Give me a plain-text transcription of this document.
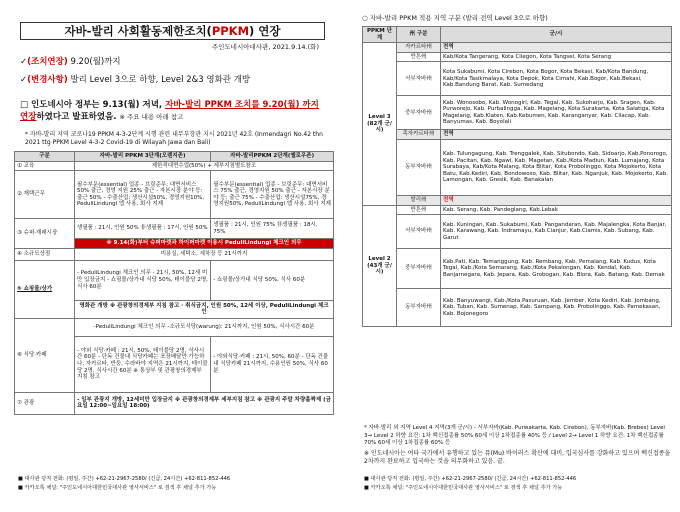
자바-발리 사회활동제한조치(PPKM) 연장
주인도네시아대사관, 2021.9.14.(화)
✓(조치연장) 9.20(월)까지
✓(변경사항) 발리 Level 3으로 하향, Level 2&3 영화관 개방
□ 인도네시아 정부는 9.13(월) 저녁, 자바-발리 PPKM 조치를 9.20(월) 까지 연장하였다고 발표하였음. ※ 주요 내용 아래 참고
* 자바-발리 지역 코로나19 PPKM 4-3-2단계 시행 관련 내무부장관 지시 2021년 42호 (Inmendagri No.42 thn 2021 ttg PPKM Level 4-3-2 Covid-19 di Wilayah Jawa dan Bali)
구분	자바-발리 PPKM 3단계(오렌지존)	자바-발리PPKM 2단계(옐로우존)
① 교육	제한적대면수업(50%) + 세부지침별도참조	
② 재택근무	필수부문(essential) 업종 - 브릿준무: 대면서비스 50% 출근, 경영 지원 25% 출근 - 자본시장 분야 등: 출근 50% - 수출산업: 생산시설50%, 경영지원10%, PeduliLindungi 앱 사용, 회사 지제	필수부문(essential) 업종 - 브릿준무: 대면서비스 75% 출근, 경영지원 50% 출근 - 자본시장 분야 등: 출근 75% - 수출산업: 생산시설75%, 경영지원50%, PeduliLindungi 앱 사용, 회사 지제
③ 슈퍼·재래시장	생필품 : 21시, 인원 50% 非생필품 : 17시, 인원 50%	생필품 : 21시, 인원 75% 非생필품 : 18시, 75%
	※ 9.14(화)부터 슈퍼마켓과 하이퍼마켓 이용시 PeduliLindungi 체크인 의무	
④ 소규모상점	미용실, 세탁소, 세차장 등 21시까지	
⑤ 쇼핑몰/상가	- PeduliLindungi 체크인 의무 - 21시, 50%, 12세 미만 입장금지 - 쇼핑몰/상가내 식당 50%, 테이블당 2명, 식사 60분	- 쇼핑몰/상가내 식당 50%, 식사 60분
	영화관 개방 ※ 관광창의경제부 지침 참고 · 취식금지, 인원 50%, 12세 이상, PeduliLindungi 체크인	
⑥ 식당·카페	-PeduliLindungi 체크인 의무 -소규모식당(warung): 21시까지, 인원 50%, 식사시간 60분	
	- 야외 식당·카페 : 21시, 50%, 테이블당 2명, 식사시간 60분 - 단독 건물내 식당카페는 포장배달만 가능하나, 자카르타, 반둥, 수라바야 지역은 21시까지, 테이블당 2명, 식사시간 60분 ※ 통상부 및 관광창의경제부 지침 참고	- 야외식당·카페 : 21시, 50%, 60분 - 단독 건물내 식당카페 21시까지, 수용인원 50%, 식사 60분
⑦ 관광	- 일부 관광지 개방, 12세미만 입장금지 ※ 관광창의경제부 세부지침 참고 ※ 관광지 주말 차량홀짝제 (금요일 12:00~일요일 18:00)	
■ 대사관 당직 전화: (평일, 주간) +62-21-2967-2580/ (긴급, 24시간) +62-811-852-446
■ 카카오톡 채널: "주인도네시아대한민국대사관 영사서비스" 로 검색 후 채널 추가 가능
○ 자바-발리 PPKM 적용 지역 구분 (발리 전역 Level 3으로 하향)
PPKM 단계	州 구분	군/시
Level 3 (82개 군/시)	자카르타州	전역
	반튼州	Kab/Kota Tangerang, Kota Cilegon, Kota Tangsel, Kota Serang
	서부자바州	Kota Sukabumi, Kota Cirebon, Kota Bogor, Kota Bekasi, Kab/Kota Bandung, Kab/Kota Tasikmalaya, Kota Depok, Kota Cimahi, Kab.Bogor, Kab.Bekasi, Kab.Bandung Barat, Kab. Sumedang
	중부자바州	Kab. Wonosobo, Kab. Wonogiri, Kab. Tegal, Kab. Sukoharjo, Kab. Sragen, Kab. Purworejo, Kab. Purbalingga, Kab. Magelang, Kota Surakarta, Kota Salatiga, Kota Magelang, Kab.Klaten, Kab.Kebumen, Kab. Karanganyar, Kab. Cilacap, Kab. Banyumas, Kab. Boyolali
	족자카르타州	전역
	동부자바州	Kab. Tulungagung, Kab. Trenggalek, Kab. Situbondo, Kab. Sidoarjo, Kab.Ponorogo, Kab. Pacitan, Kab. Ngawi, Kab. Magetan, Kab./Kota Madiun, Kab. Lumajang, Kota Surabaya, Kab/Kota Malang, Kota Blitar, Kota Probolinggo, Kota Mojokerto, Kota Batu, Kab.Kediri, Kab. Bondowoso, Kab. Blitar, Kab. Nganjuk, Kab. Mojokerto, Kab. Lamongan, Kab. Gresik, Kab. Banakalan
	발리州	전역
Level 2 (43개 군/시)	반튼州	Kab. Serang, Kab. Pandeglang, Kab.Lebak
	서부자바州	Kab. Kuningan, Kab. Sukabumi, Kab. Pangandaran, Kab. Majalengka, Kota Banjar, Kab. Karawang, Kab. Indramayu, Kab.Cianjur, Kab.Ciamis, Kab. Subang, Kab. Garut
	중부자바州	Kab.Pati, Kab. Temanggung, Kab. Rembang, Kab. Pemalang, Kab. Kudus, Kota Tegal, Kab./Kota Semarang, Kab./Kota Pekalongan, Kab. Kendal, Kab. Banjarnegara, Kab. Jepara, Kab. Grobogan, Kab. Blora, Kab. Batang, Kab. Demak
	동부자바州	Kab. Banyuwangi, Kab./Kota Pasuruan, Kab. Jember, Kota Kediri, Kab. Jombang, Kab. Tuban, Kab. Sumenap, Kab. Sampang, Kab. Probolinggo, Kab. Pamekasan, Kab. Bojonegoro
* 자바·발리 외 지역 Level 4 지역(3개 군/시) - 서부자바(Kab. Purwakarta, Kab. Cirebon), 동부자바(Kab. Brebes) Level 3→ Level 2 하향 요건: 1차 백신접종률 50% 60세 이상 1차접종률 40% 등 / Level 2→ Level 1 하향 요건: 1차 백신접종률 70% 60세 이상 1차접종률 60% 등
※ 인도네시아는 여타 국가에서 유행하고 있는 뮤(Mu) 바이러스 확산에 대비, 입국심사를 강화하고 있으며 백신접종을 2차까지 완료하고 입국하는 것을 의무화하고 있음. 끝.
■ 대사관 당직 전화: (평일, 주간) +62-21-2967-2580/ (긴급, 24시간) +62-811-852-446
■ 카카오톡 채널: "주인도네시아대한민국대사관 영사서비스" 로 검색 후 채널 추가 가능
